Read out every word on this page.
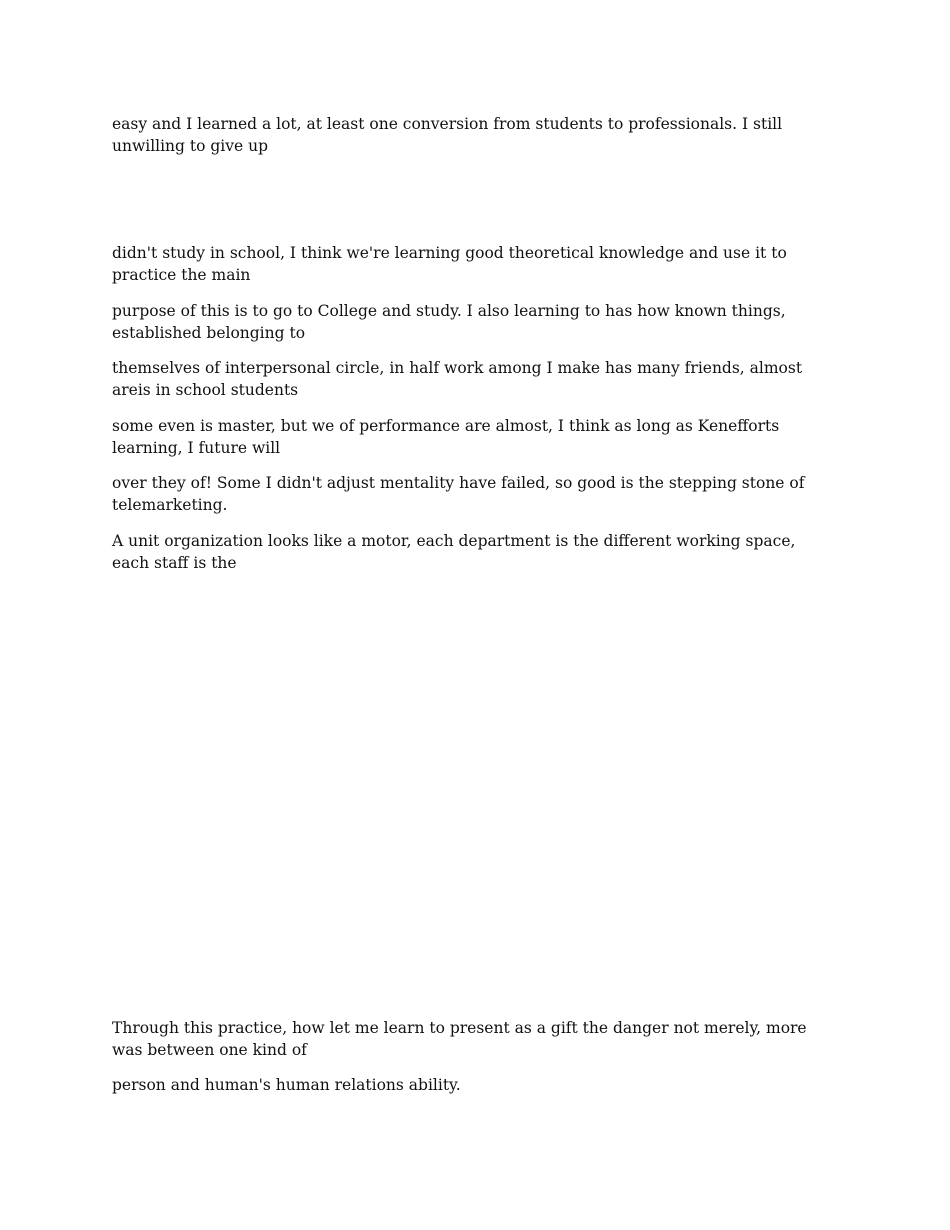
easy and I learned a lot, at least one conversion from students to professionals. I still unwilling to give up

didn't study in school, I think we're learning good theoretical knowledge and use it to practice the main

purpose of this is to go to College and study. I also learning to has how known things, established belonging to

themselves of interpersonal circle, in half work among I make has many friends, almost areis in school students

some even is master, but we of performance are almost, I think as long as Kenefforts learning, I future will

over they of! Some I didn't adjust mentality have failed, so good is the stepping stone of telemarketing.

A unit organization looks like a motor, each department is the different working space, each staff is the

Through this practice, how let me learn to present as a gift the danger not merely, more was between one kind of

person and human's human relations ability.
